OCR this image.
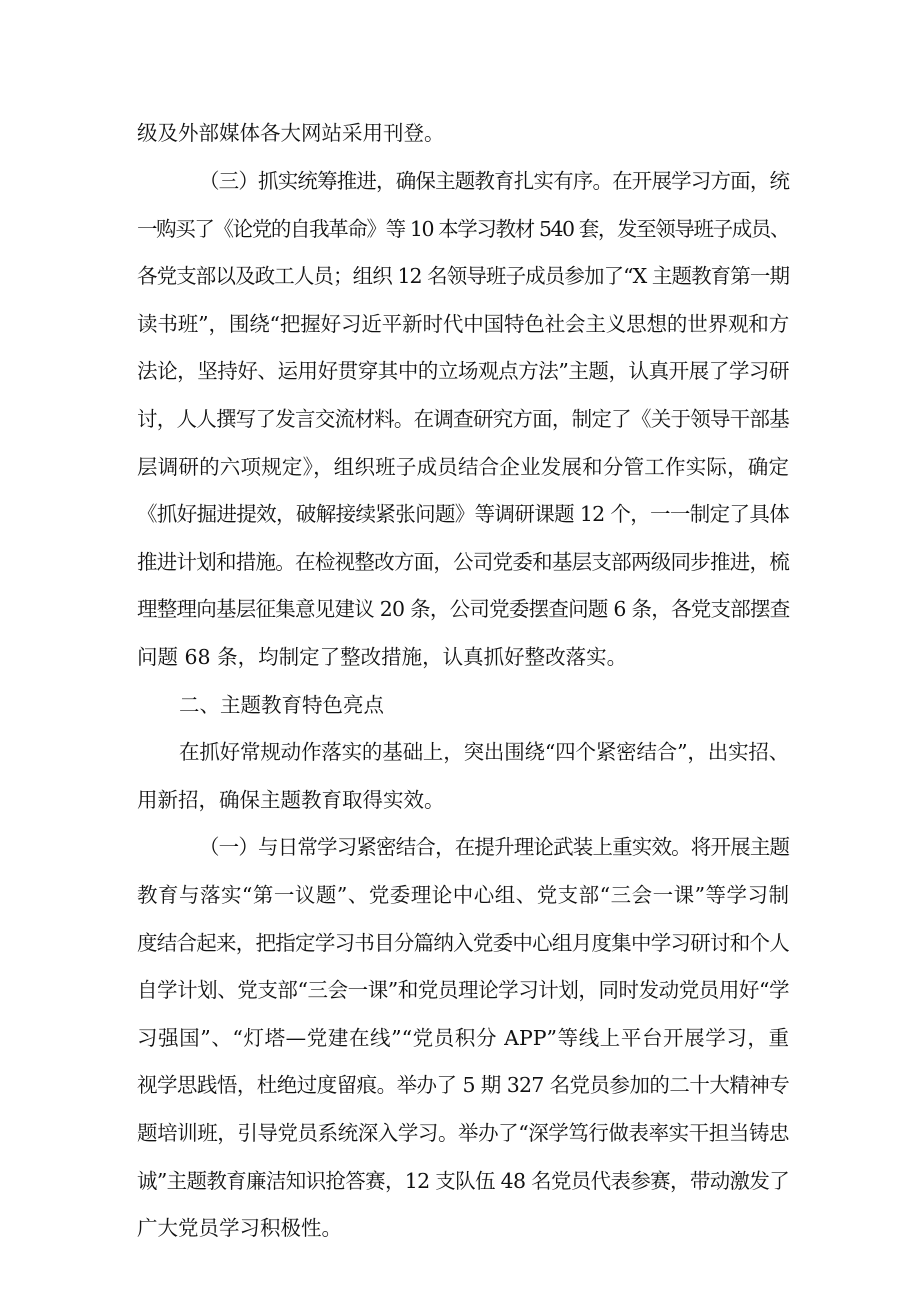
级及外部媒体各大网站采用刊登。
（三）抓实统筹推进，确保主题教育扎实有序。在开展学习方面，统
一购买了《论党的自我革命》等 10 本学习教材 540 套，发至领导班子成员、
各党支部以及政工人员；组织 12 名领导班子成员参加了“X 主题教育第一期
读书班”，围绕“把握好习近平新时代中国特色社会主义思想的世界观和方
法论，坚持好、运用好贯穿其中的立场观点方法”主题，认真开展了学习研
讨，人人撰写了发言交流材料。在调查研究方面，制定了《关于领导干部基
层调研的六项规定》，组织班子成员结合企业发展和分管工作实际，确定
《抓好掘进提效，破解接续紧张问题》等调研课题 12 个，一一制定了具体
推进计划和措施。在检视整改方面，公司党委和基层支部两级同步推进，梳
理整理向基层征集意见建议 20 条，公司党委摆查问题 6 条，各党支部摆查
问题 68 条，均制定了整改措施，认真抓好整改落实。
二、主题教育特色亮点
在抓好常规动作落实的基础上，突出围绕“四个紧密结合”，出实招、
用新招，确保主题教育取得实效。
（一）与日常学习紧密结合，在提升理论武装上重实效。将开展主题
教育与落实“第一议题”、党委理论中心组、党支部“三会一课”等学习制
度结合起来，把指定学习书目分篇纳入党委中心组月度集中学习研讨和个人
自学计划、党支部“三会一课”和党员理论学习计划，同时发动党员用好“学
习强国”、“灯塔—党建在线”“党员积分 APP”等线上平台开展学习，重
视学思践悟，杜绝过度留痕。举办了 5 期 327 名党员参加的二十大精神专
题培训班，引导党员系统深入学习。举办了“深学笃行做表率实干担当铸忠
诚”主题教育廉洁知识抢答赛，12 支队伍 48 名党员代表参赛，带动激发了
广大党员学习积极性。
